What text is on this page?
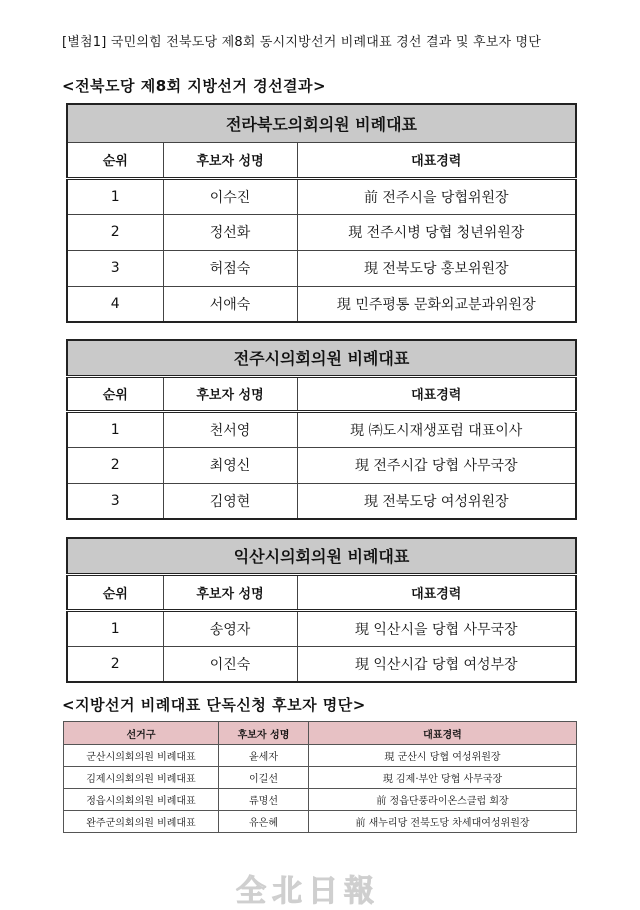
[별첨1] 국민의힘 전북도당 제8회 동시지방선거 비례대표 경선 결과 및 후보자 명단
<전북도당 제8회 지방선거 경선결과>
전라북도의회의원 비례대표		
순위	후보자 성명	대표경력
1	이수진	前 전주시을 당협위원장
2	정선화	現 전주시병 당협 청년위원장
3	허점숙	現 전북도당 홍보위원장
4	서애숙	現 민주평통 문화외교분과위원장
전주시의회의원 비례대표		
순위	후보자 성명	대표경력
1	천서영	現 ㈜도시재생포럼 대표이사
2	최영신	現 전주시갑 당협 사무국장
3	김영현	現 전북도당 여성위원장
익산시의회의원 비례대표		
순위	후보자 성명	대표경력
1	송영자	現 익산시을 당협 사무국장
2	이진숙	現 익산시갑 당협 여성부장
<지방선거 비례대표 단독신청 후보자 명단>
선거구	후보자 성명	대표경력
군산시의회의원 비례대표	윤세자	現 군산시 당협 여성위원장
김제시의회의원 비례대표	이길선	現 김제·부안 당협 사무국장
정읍시의회의원 비례대표	류명선	前 정읍단풍라이온스클럽 회장
완주군의회의원 비례대표	유은혜	前 새누리당 전북도당 차세대여성위원장
全北日報
